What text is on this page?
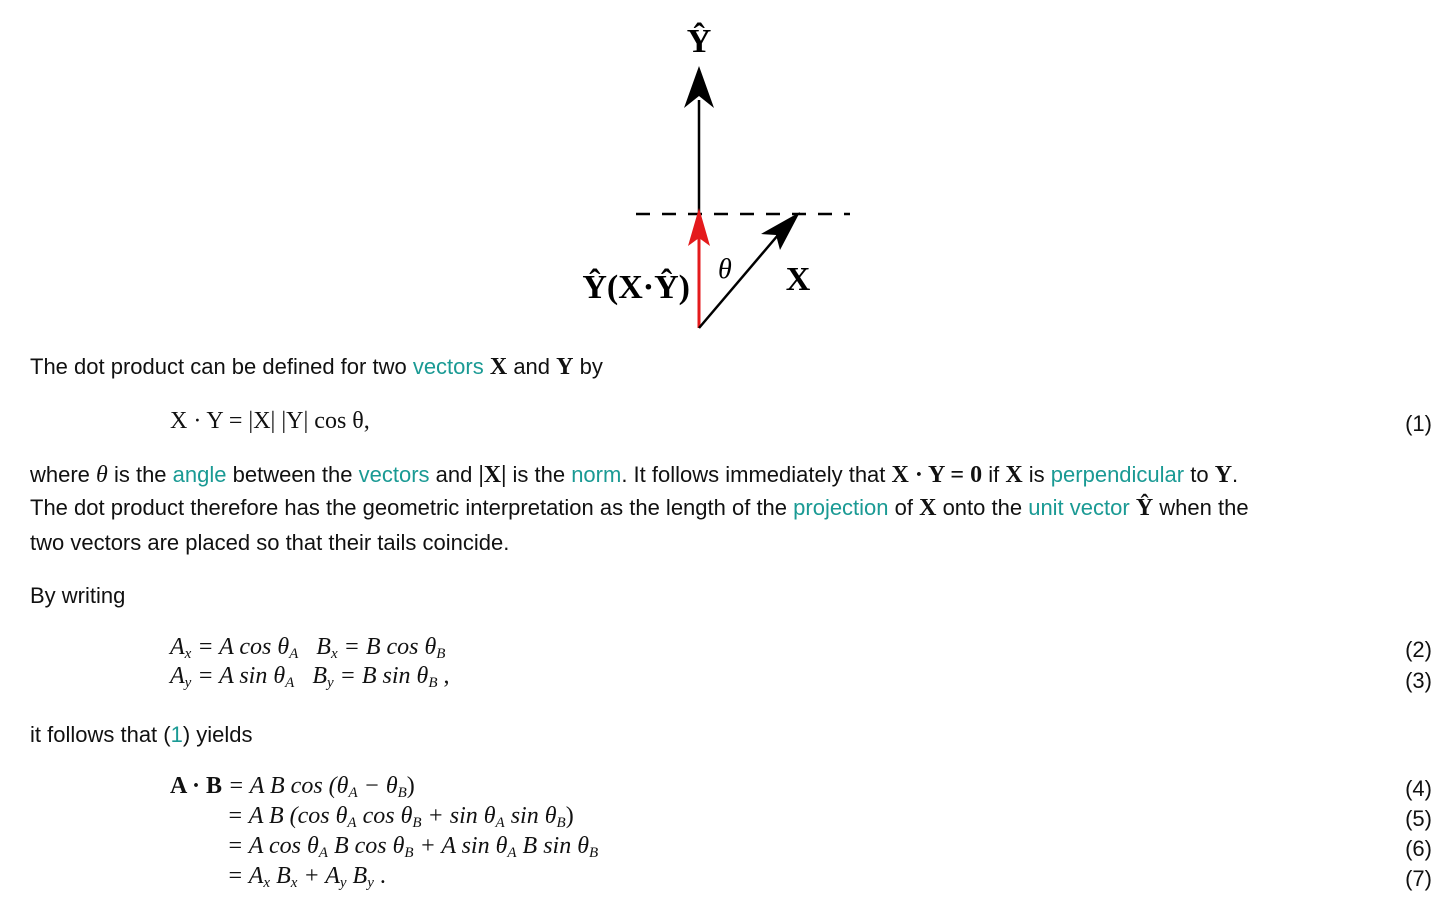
Ŷ
Ŷ(X·Ŷ) θ X
The dot product can be defined for two vectors X and Y by
X · Y = |X| |Y| cos θ,	(1)
where θ is the angle between the vectors and |X| is the norm. It follows immediately that X · Y = 0 if X is perpendicular to Y.
The dot product therefore has the geometric interpretation as the length of the projection of X onto the unit vector Ŷ when the
two vectors are placed so that their tails coincide.
By writing
$A_x = A$ $\cos \theta_A$ $B_x = B$ $\cos \theta_B$	(2)
$A_y = A$ $\sin \theta_A$ $B_y = B$ $\sin \theta_B$ ,	(3)
it follows that (1) yields
A · B = A B $\cos (\theta_A - \theta_B)$	(4)
= A B (cos $\theta_A$ $\cos \theta_B + \sin \theta_A$ $\sin \theta_B$)	(5)
= A $\cos \theta_A$ B $\cos \theta_B + A$ $\sin \theta_A$ B $\sin \theta_B$	(6)
= $A_x$ $B_x + A_y$ $B_y$ .	(7)
